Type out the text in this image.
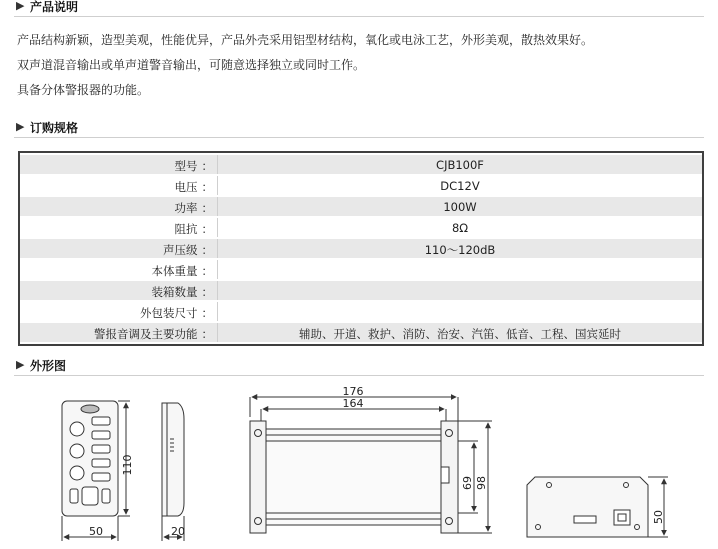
▶ 产品说明
产品结构新颖，造型美观，性能优异，产品外壳采用铝型材结构，氧化或电泳工艺，外形美观，散热效果好。
双声道混音输出或单声道警音输出，可随意选择独立或同时工作。
具备分体警报器的功能。
▶ 订购规格
型号 ：	CJB100F
电压 ：	DC12V
功率 ：	100W
阻抗 ：	8Ω
声压级 ：	110～120dB
本体重量 ：
装箱数量 ：
外包装尺寸 ：
警报音调及主要功能 ：	辅助、开道、救护、消防、治安、汽笛、低音、工程、国宾延时
▶ 外形图
110
50	20
176
164
69 98
50
